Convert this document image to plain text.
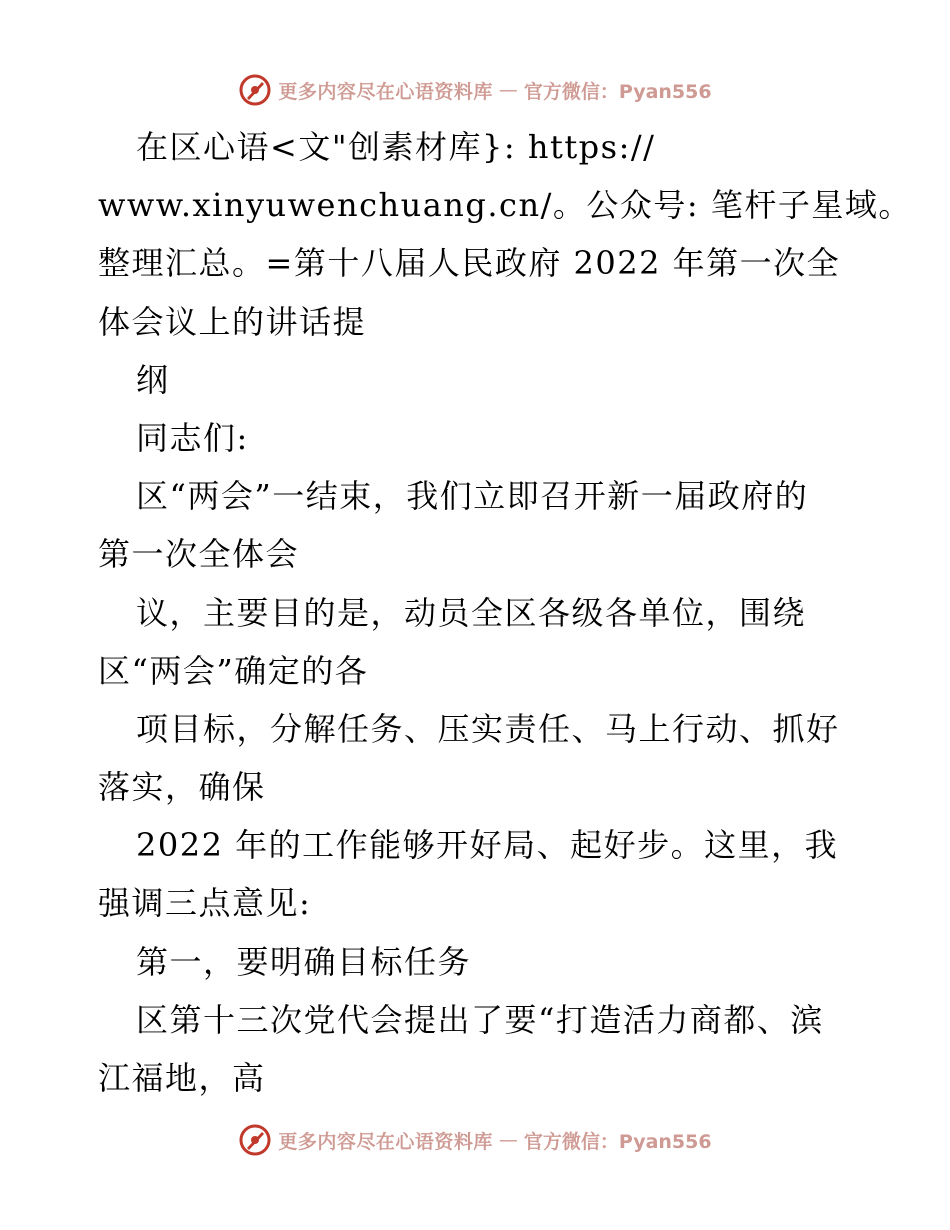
更多内容尽在心语资料库 — 官方微信：Pyan556
在区心语<文"创素材库}: https://
www.xinyuwenchuang.cn/。公众号: 笔杆子星域。
整理汇总。=第十八届人民政府 2022 年第一次全
体会议上的讲话提
纲
同志们:
区“两会”一结束，我们立即召开新一届政府的
第一次全体会
议，主要目的是，动员全区各级各单位，围绕
区“两会”确定的各
项目标，分解任务、压实责任、马上行动、抓好
落实，确保
2022 年的工作能够开好局、起好步。这里，我
强调三点意见:
第一，要明确目标任务
区第十三次党代会提出了要“打造活力商都、滨
江福地，高
更多内容尽在心语资料库 — 官方微信：Pyan556
